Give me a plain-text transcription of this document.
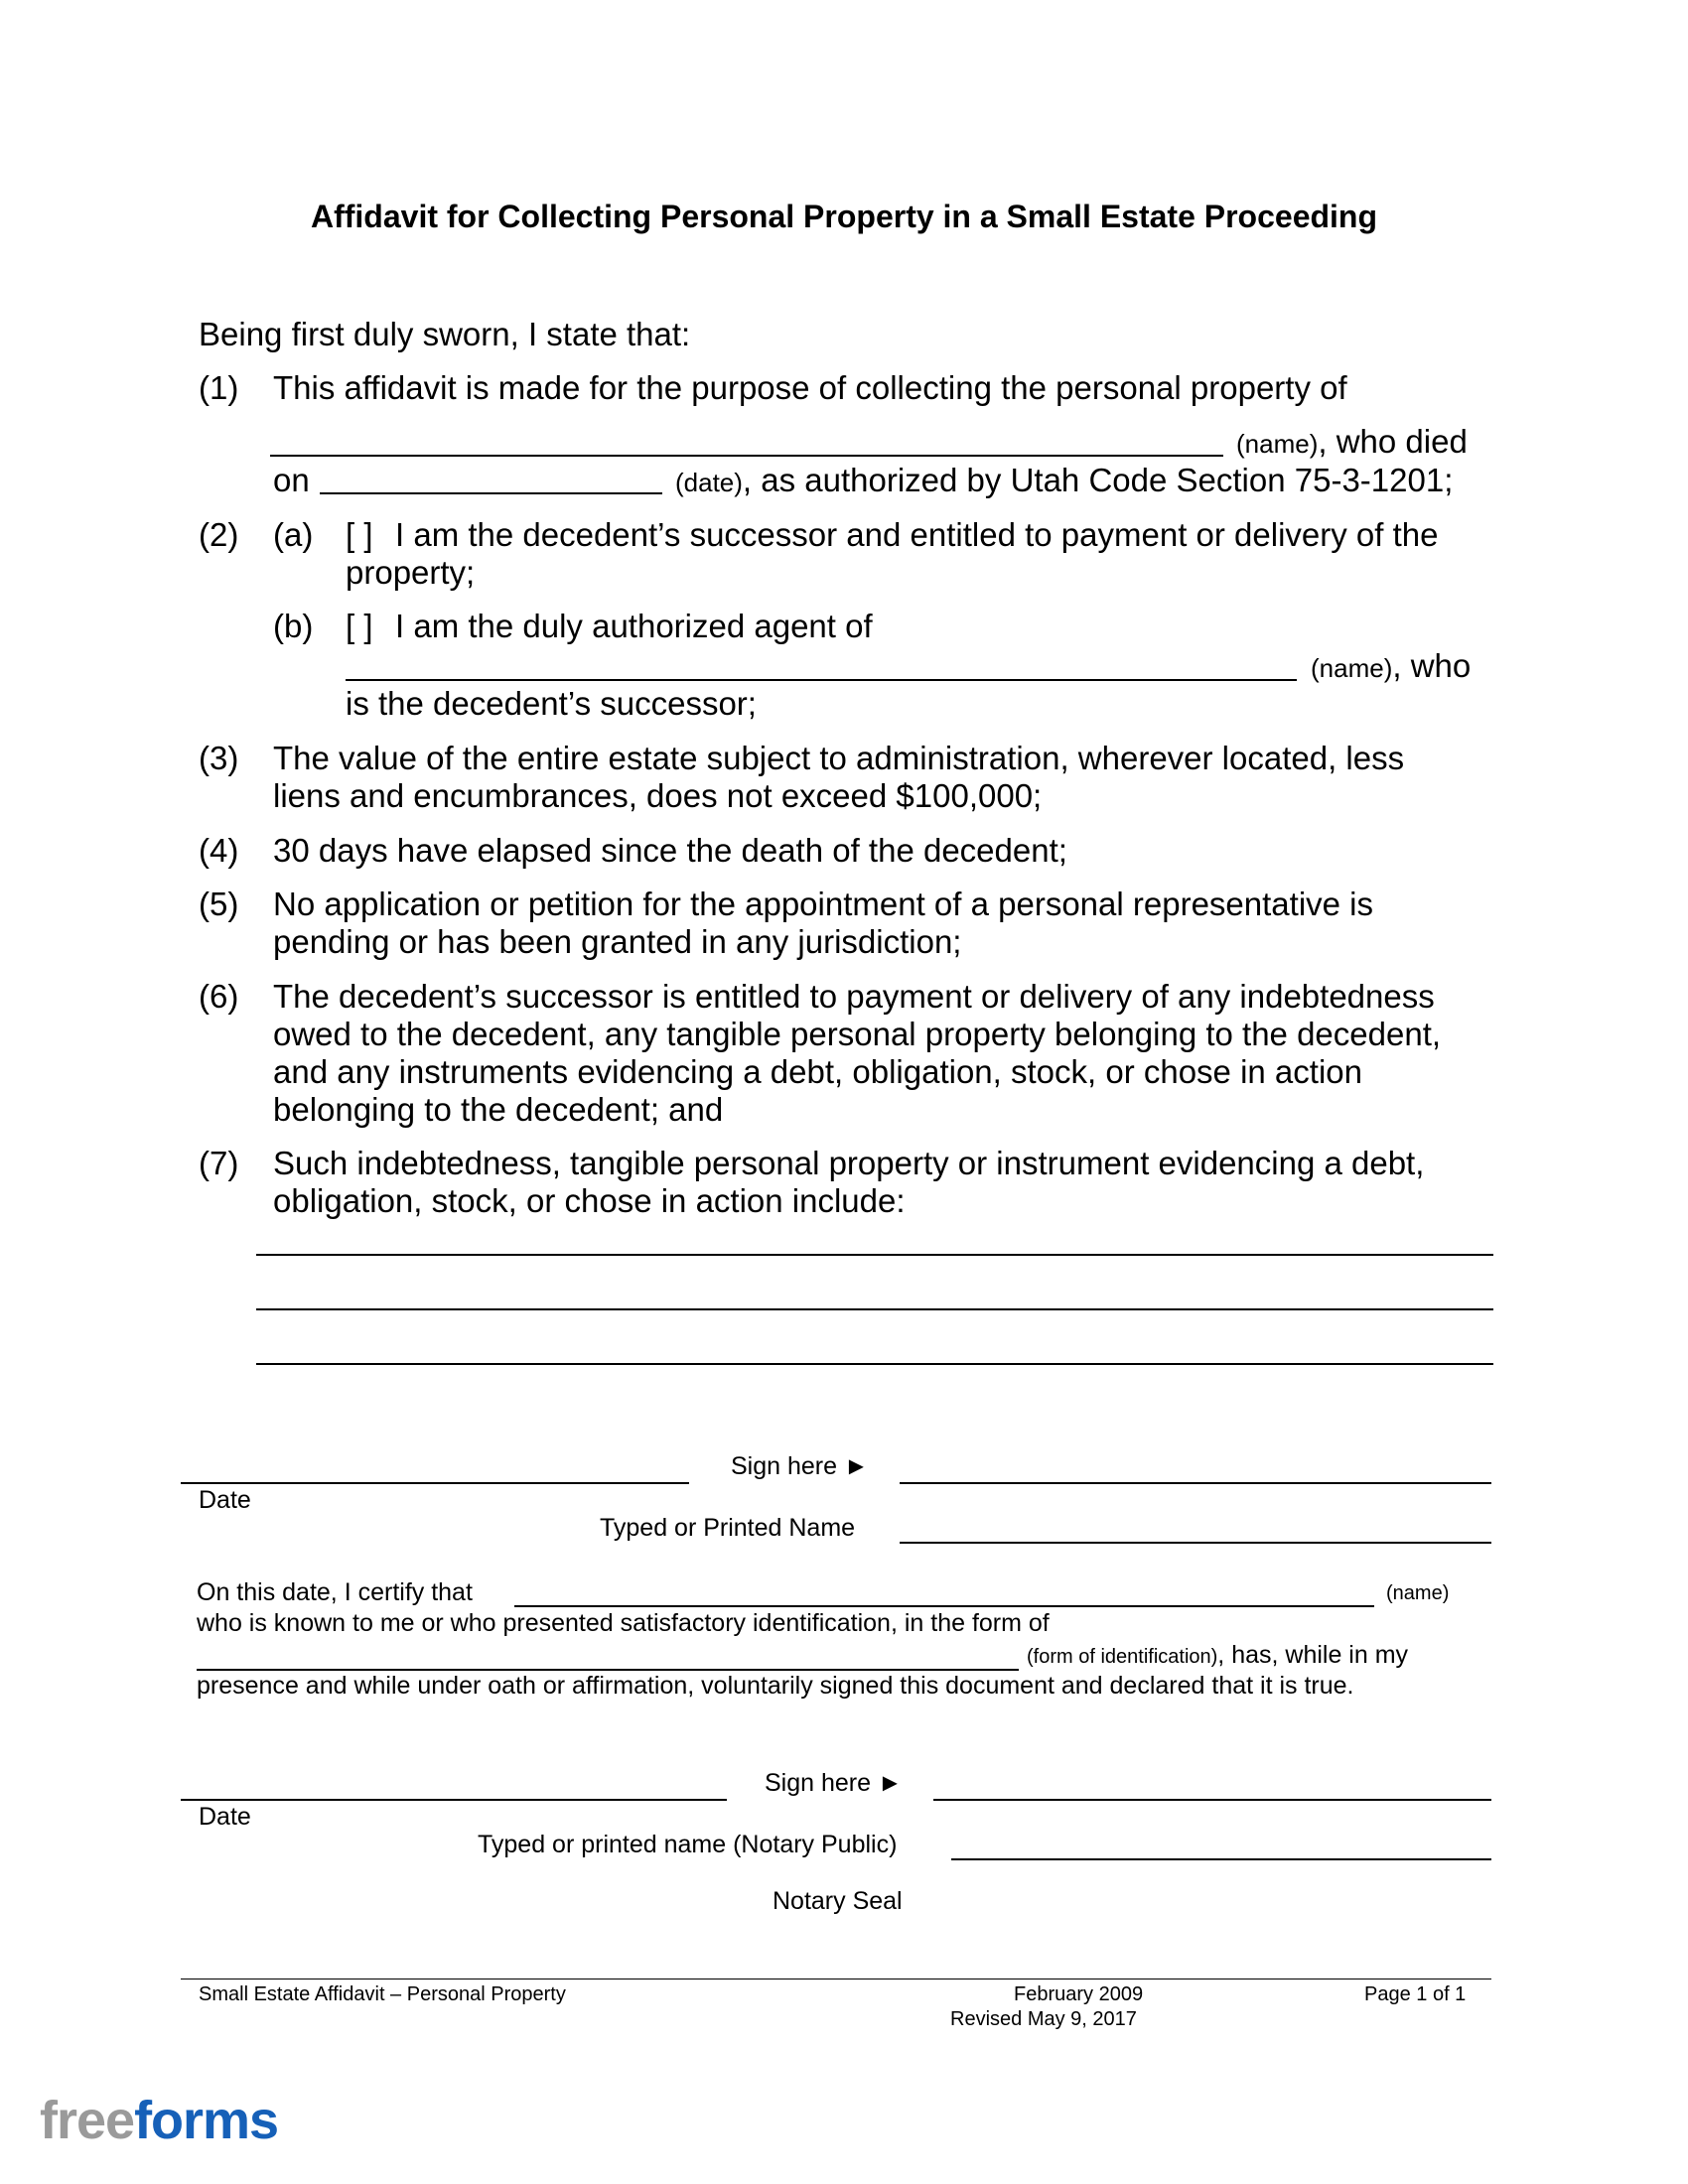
Affidavit for Collecting Personal Property in a Small Estate Proceeding
Being first duly sworn, I state that:
(1) This affidavit is made for the purpose of collecting the personal property of
(name), who died
on	(date), as authorized by Utah Code Section 75-3-1201;
(2) (a) [ ] I am the decedent’s successor and entitled to payment or delivery of the
property;
(b) [ ] I am the duly authorized agent of
(name), who
is the decedent’s successor;
(3) The value of the entire estate subject to administration, wherever located, less
liens and encumbrances, does not exceed $100,000;
(4) 30 days have elapsed since the death of the decedent;
(5) No application or petition for the appointment of a personal representative is
pending or has been granted in any jurisdiction;
(6) The decedent’s successor is entitled to payment or delivery of any indebtedness
owed to the decedent, any tangible personal property belonging to the decedent,
and any instruments evidencing a debt, obligation, stock, or chose in action
belonging to the decedent; and
(7) Such indebtedness, tangible personal property or instrument evidencing a debt,
obligation, stock, or chose in action include:
Date
Sign here ►
Typed or Printed Name
On this date, I certify that	(name)
who is known to me or who presented satisfactory identification, in the form of
(form of identification), has, while in my
presence and while under oath or affirmation, voluntarily signed this document and declared that it is true.
Date
Sign here ►
Typed or printed name (Notary Public)
Notary Seal
Small Estate Affidavit – Personal Property	February 2009
Revised May 9, 2017
Page 1 of 1
freeforms
